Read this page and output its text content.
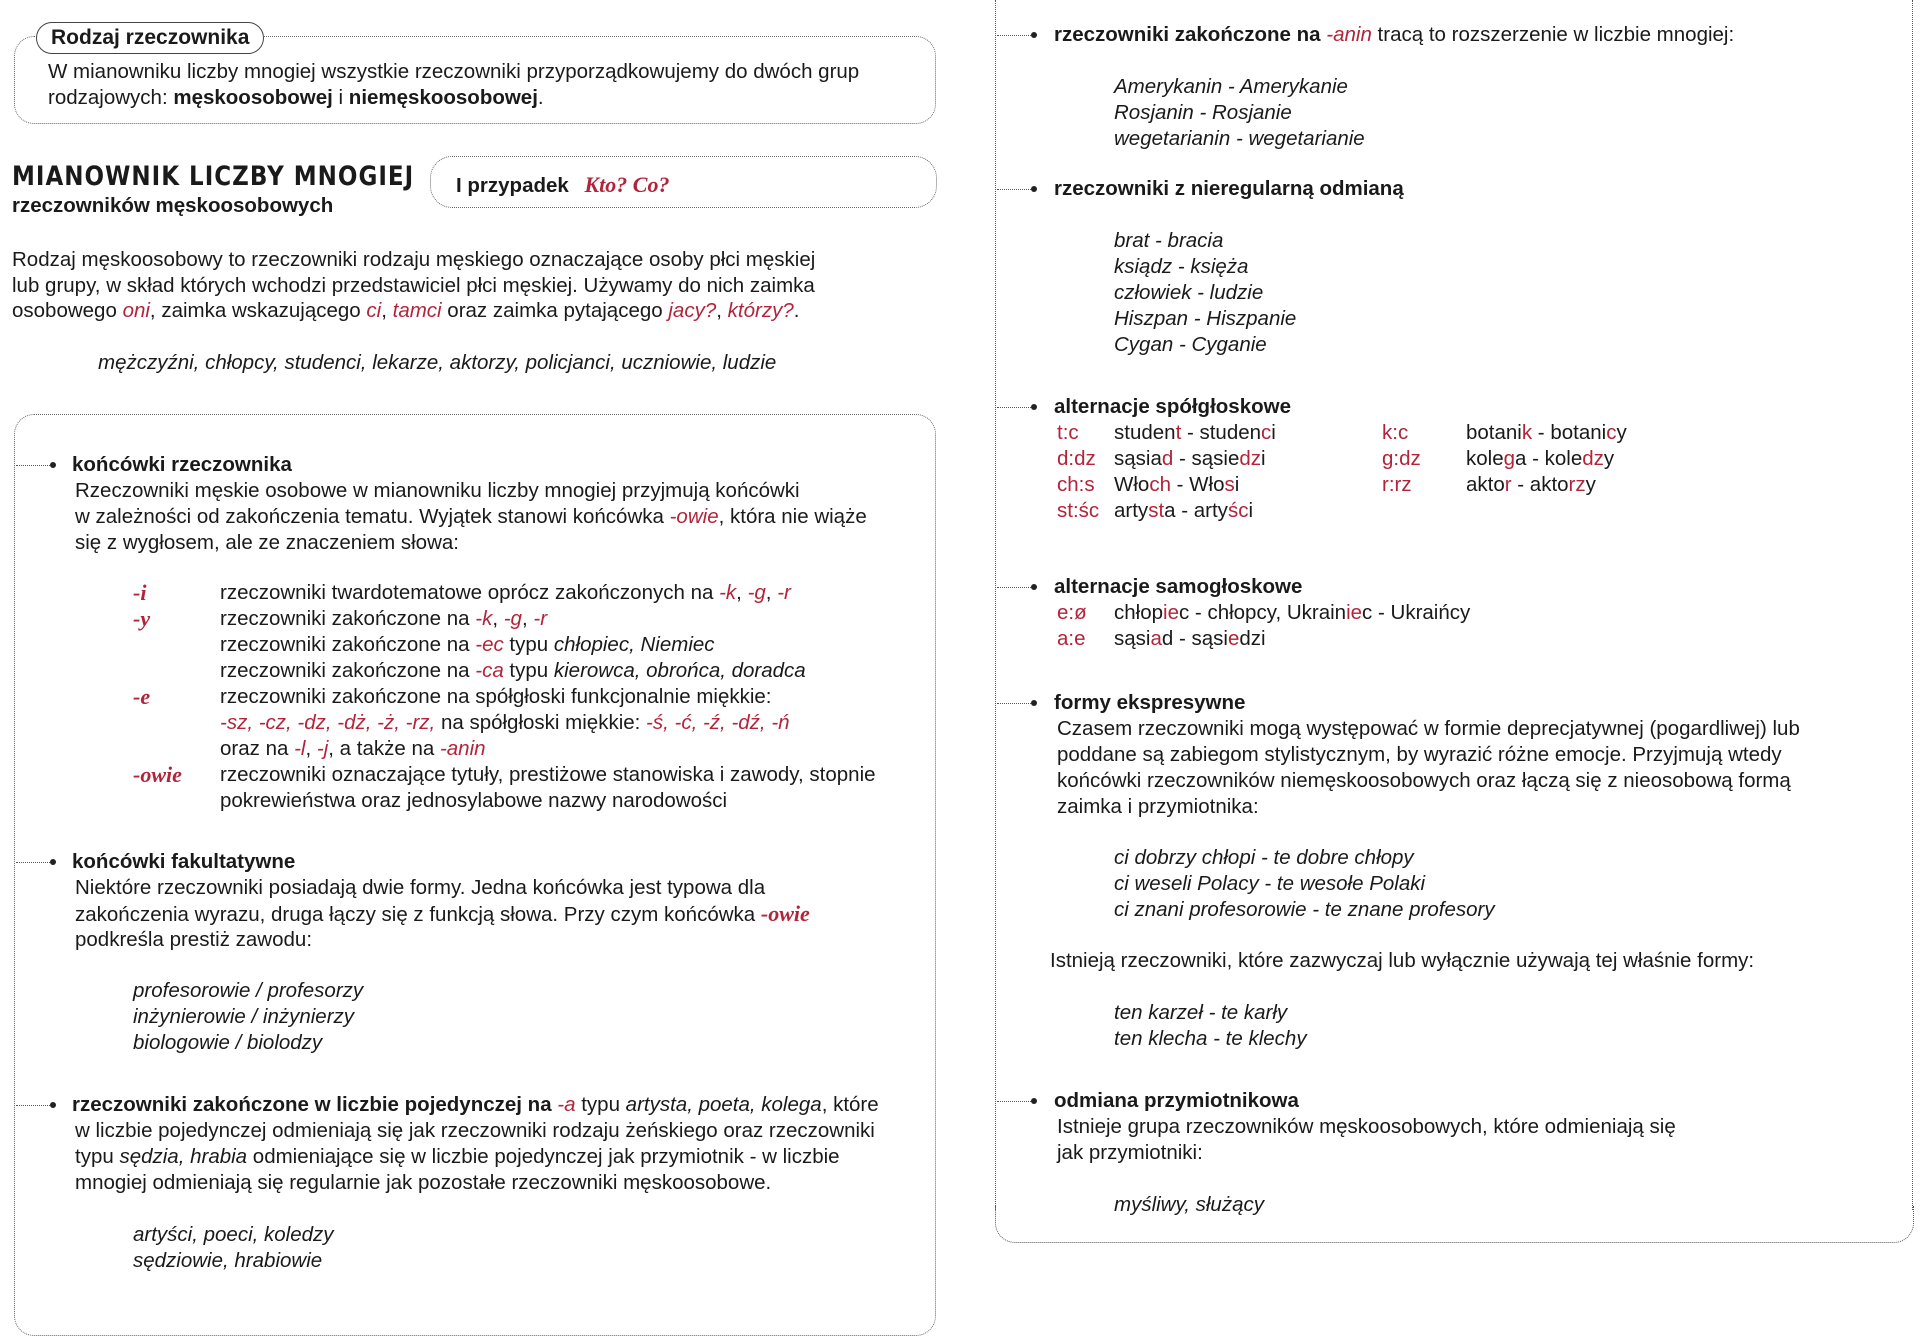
Rodzaj rzeczownika
W mianowniku liczby mnogiej wszystkie rzeczowniki przyporządkowujemy do dwóch grup
rodzajowych: męskoosobowej i niemęskoosobowej.
MIANOWNIK LICZBY MNOGIEJ
rzeczowników męskoosobowych
I przypadek Kto? Co?
Rodzaj męskoosobowy to rzeczowniki rodzaju męskiego oznaczające osoby płci męskiej
lub grupy, w skład których wchodzi przedstawiciel płci męskiej. Używamy do nich zaimka
osobowego oni, zaimka wskazującego ci, tamci oraz zaimka pytającego jacy?, którzy?.
mężczyźni, chłopcy, studenci, lekarze, aktorzy, policjanci, uczniowie, ludzie
końcówki rzeczownika
Rzeczowniki męskie osobowe w mianowniku liczby mnogiej przyjmują końcówki
w zależności od zakończenia tematu. Wyjątek stanowi końcówka -owie, która nie wiąże
się z wygłosem, ale ze znaczeniem słowa:
-i
-y
-e
-owie
rzeczowniki twardotematowe oprócz zakończonych na -k, -g, -r
rzeczowniki zakończone na -k, -g, -r
rzeczowniki zakończone na -ec typu chłopiec, Niemiec
rzeczowniki zakończone na -ca typu kierowca, obrońca, doradca
rzeczowniki zakończone na spółgłoski funkcjonalnie miękkie:
-sz, -cz, -dz, -dż, -ż, -rz, na spółgłoski miękkie: -ś, -ć, -ź, -dź, -ń
oraz na -l, -j, a także na -anin
rzeczowniki oznaczające tytuły, prestiżowe stanowiska i zawody, stopnie
pokrewieństwa oraz jednosylabowe nazwy narodowości
końcówki fakultatywne
Niektóre rzeczowniki posiadają dwie formy. Jedna końcówka jest typowa dla
zakończenia wyrazu, druga łączy się z funkcją słowa. Przy czym końcówka -owie
podkreśla prestiż zawodu:
profesorowie / profesorzy
inżynierowie / inżynierzy
biologowie / biolodzy
rzeczowniki zakończone w liczbie pojedynczej na -a typu artysta, poeta, kolega, które
w liczbie pojedynczej odmieniają się jak rzeczowniki rodzaju żeńskiego oraz rzeczowniki
typu sędzia, hrabia odmieniające się w liczbie pojedynczej jak przymiotnik - w liczbie
mnogiej odmieniają się regularnie jak pozostałe rzeczowniki męskoosobowe.
artyści, poeci, koledzy
sędziowie, hrabiowie
rzeczowniki zakończone na -anin tracą to rozszerzenie w liczbie mnogiej:
Amerykanin - Amerykanie
Rosjanin - Rosjanie
wegetarianin - wegetarianie
rzeczowniki z nieregularną odmianą
brat - bracia
ksiądz - księża
człowiek - ludzie
Hiszpan - Hiszpanie
Cygan - Cyganie
alternacje spółgłoskowe
t:c student - studenci
d:dz sąsiad - sąsiedzi
ch:s Włoch - Włosi
st:śc artysta - artyści
k:c	botanik - botanicy
g:dz kolega - koledzy
r:rz	aktor - aktorzy
alternacje samogłoskowe
e:ø chłopiec - chłopcy, Ukrainiec - Ukraińcy
a:e sąsiad - sąsiedzi
formy ekspresywne
Czasem rzeczowniki mogą występować w formie deprecjatywnej (pogardliwej) lub
poddane są zabiegom stylistycznym, by wyrazić różne emocje. Przyjmują wtedy
końcówki rzeczowników niemęskoosobowych oraz łączą się z nieosobową formą
zaimka i przymiotnika:
ci dobrzy chłopi - te dobre chłopy
ci weseli Polacy - te wesołe Polaki
ci znani profesorowie - te znane profesory
Istnieją rzeczowniki, które zazwyczaj lub wyłącznie używają tej właśnie formy:
ten karzeł - te karły
ten klecha - te klechy
odmiana przymiotnikowa
Istnieje grupa rzeczowników męskoosobowych, które odmieniają się
jak przymiotniki:
myśliwy, służący
